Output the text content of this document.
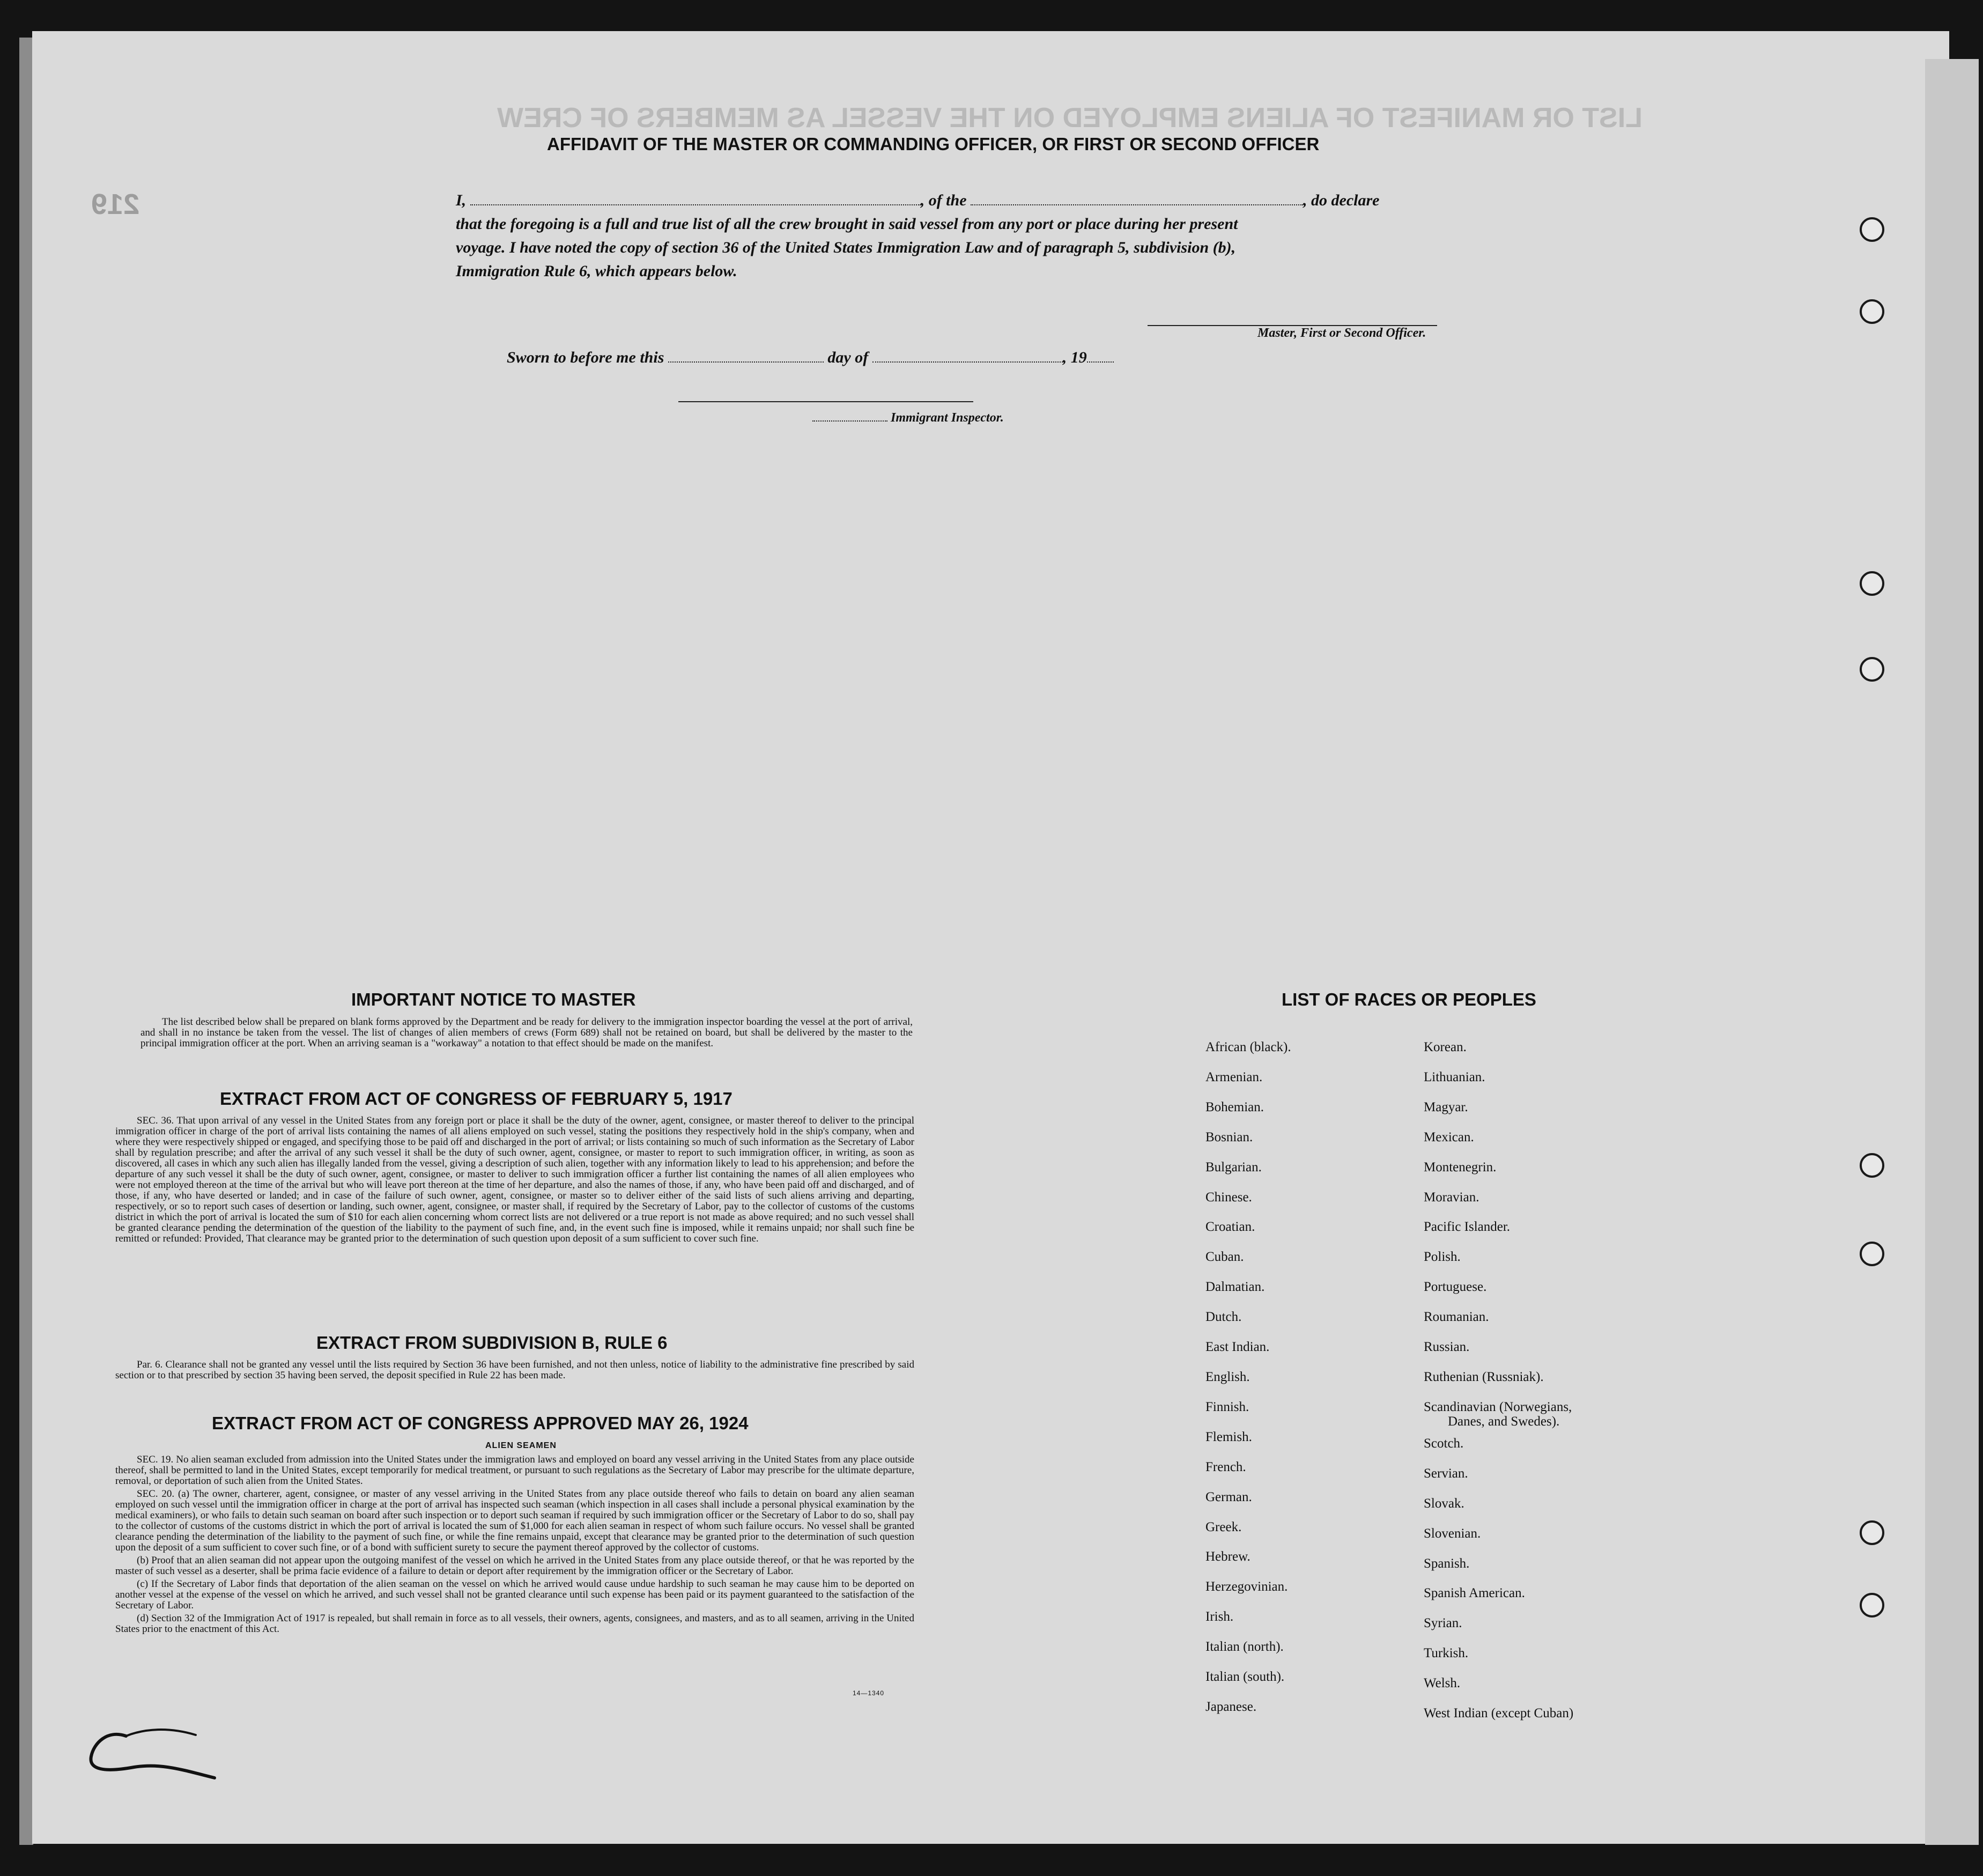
LIST OR MANIFEST OF ALIENS EMPLOYED ON THE VESSEL AS MEMBERS OF CREW
219
AFFIDAVIT OF THE MASTER OR COMMANDING OFFICER, OR FIRST OR SECOND OFFICER
I,	, of the	, do declare
that the foregoing is a full and true list of all the crew brought in said vessel from any port or place during her present
voyage. I have noted the copy of section 36 of the United States Immigration Law and of paragraph 5, subdivision (b),
Immigration Rule 6, which appears below.
Master, First or Second Officer.
Sworn to before me this	day of	, 19
Immigrant Inspector.
IMPORTANT NOTICE TO MASTER

The list described below shall be prepared on blank forms approved by the Department and be ready for delivery to the immigration inspector boarding the vessel at the port of arrival, and shall in no instance be taken from the vessel. The list of changes of alien members of crews (Form 689) shall not be retained on board, but shall be delivered by the master to the principal immigration officer at the port. When an arriving seaman is a "workaway" a notation to that effect should be made on the manifest.

EXTRACT FROM ACT OF CONGRESS OF FEBRUARY 5, 1917

SEC. 36. That upon arrival of any vessel in the United States from any foreign port or place it shall be the duty of the owner, agent, consignee, or master thereof to deliver to the principal immigration officer in charge of the port of arrival lists containing the names of all aliens employed on such vessel, stating the positions they respectively hold in the ship's company, when and where they were respectively shipped or engaged, and specifying those to be paid off and discharged in the port of arrival; or lists containing so much of such information as the Secretary of Labor shall by regulation prescribe; and after the arrival of any such vessel it shall be the duty of such owner, agent, consignee, or master to report to such immigration officer, in writing, as soon as discovered, all cases in which any such alien has illegally landed from the vessel, giving a description of such alien, together with any information likely to lead to his apprehension; and before the departure of any such vessel it shall be the duty of such owner, agent, consignee, or master to deliver to such immigration officer a further list containing the names of all alien employees who were not employed thereon at the time of the arrival but who will leave port thereon at the time of her departure, and also the names of those, if any, who have been paid off and discharged, and of those, if any, who have deserted or landed; and in case of the failure of such owner, agent, consignee, or master so to deliver either of the said lists of such aliens arriving and departing, respectively, or so to report such cases of desertion or landing, such owner, agent, consignee, or master shall, if required by the Secretary of Labor, pay to the collector of customs of the customs district in which the port of arrival is located the sum of $10 for each alien concerning whom correct lists are not delivered or a true report is not made as above required; and no such vessel shall be granted clearance pending the determination of the question of the liability to the payment of such fine, and, in the event such fine is imposed, while it remains unpaid; nor shall such fine be remitted or refunded: Provided, That clearance may be granted prior to the determination of such question upon deposit of a sum sufficient to cover such fine.

EXTRACT FROM SUBDIVISION B, RULE 6

Par. 6. Clearance shall not be granted any vessel until the lists required by Section 36 have been furnished, and not then unless, notice of liability to the administrative fine prescribed by said section or to that prescribed by section 35 having been served, the deposit specified in Rule 22 has been made.

EXTRACT FROM ACT OF CONGRESS APPROVED MAY 26, 1924
ALIEN SEAMEN

SEC. 19. No alien seaman excluded from admission into the United States under the immigration laws and employed on board any vessel arriving in the United States from any place outside thereof, shall be permitted to land in the United States, except temporarily for medical treatment, or pursuant to such regulations as the Secretary of Labor may prescribe for the ultimate departure, removal, or deportation of such alien from the United States.

SEC. 20. (a) The owner, charterer, agent, consignee, or master of any vessel arriving in the United States from any place outside thereof who fails to detain on board any alien seaman employed on such vessel until the immigration officer in charge at the port of arrival has inspected such seaman (which inspection in all cases shall include a personal physical examination by the medical examiners), or who fails to detain such seaman on board after such inspection or to deport such seaman if required by such immigration officer or the Secretary of Labor to do so, shall pay to the collector of customs of the customs district in which the port of arrival is located the sum of $1,000 for each alien seaman in respect of whom such failure occurs. No vessel shall be granted clearance pending the determination of the liability to the payment of such fine, or while the fine remains unpaid, except that clearance may be granted prior to the determination of such question upon the deposit of a sum sufficient to cover such fine, or of a bond with sufficient surety to secure the payment thereof approved by the collector of customs.

(b) Proof that an alien seaman did not appear upon the outgoing manifest of the vessel on which he arrived in the United States from any place outside thereof, or that he was reported by the master of such vessel as a deserter, shall be prima facie evidence of a failure to detain or deport after requirement by the immigration officer or the Secretary of Labor.

(c) If the Secretary of Labor finds that deportation of the alien seaman on the vessel on which he arrived would cause undue hardship to such seaman he may cause him to be deported on another vessel at the expense of the vessel on which he arrived, and such vessel shall not be granted clearance until such expense has been paid or its payment guaranteed to the satisfaction of the Secretary of Labor.

(d) Section 32 of the Immigration Act of 1917 is repealed, but shall remain in force as to all vessels, their owners, agents, consignees, and masters, and as to all seamen, arriving in the United States prior to the enactment of this Act.

14—1340
LIST OF RACES OR PEOPLES
African (black).
Armenian.
Bohemian.
Bosnian.
Bulgarian.
Chinese.
Croatian.
Cuban.
Dalmatian.
Dutch.
East Indian.
English.
Finnish.
Flemish.
French.
German.
Greek.
Hebrew.
Herzegovinian.
Irish.
Italian (north).
Italian (south).
Japanese.
Korean.
Lithuanian.
Magyar.
Mexican.
Montenegrin.
Moravian.
Pacific Islander.
Polish.
Portuguese.
Roumanian.
Russian.
Ruthenian (Russniak).
Scandinavian (Norwegians,
Danes, and Swedes).
Scotch.
Servian.
Slovak.
Slovenian.
Spanish.
Spanish American.
Syrian.
Turkish.
Welsh.
West Indian (except Cuban)
